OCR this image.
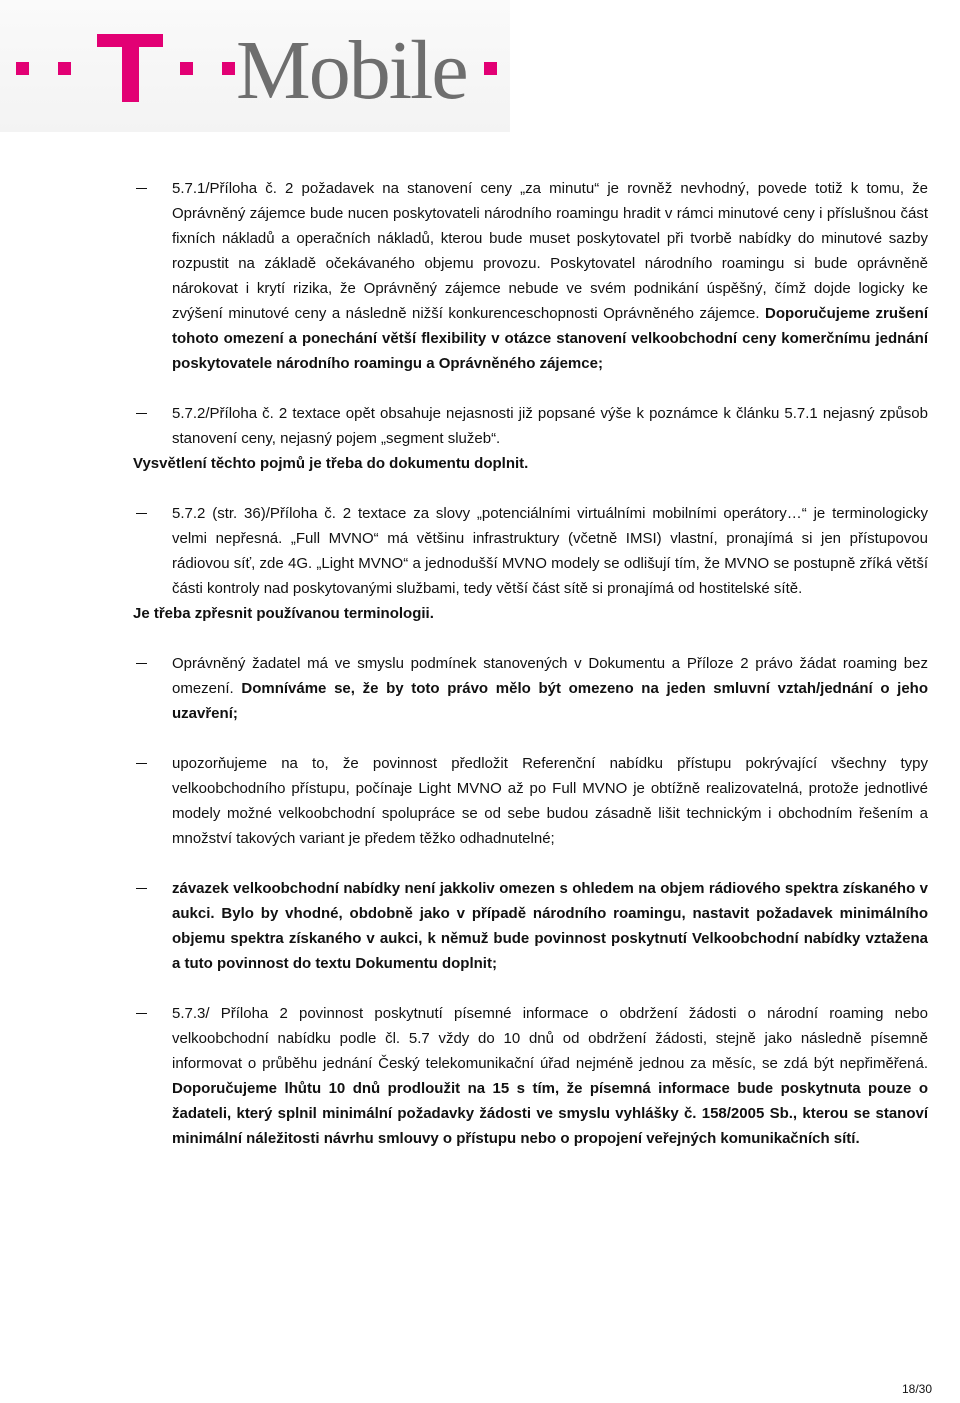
Mobile
5.7.1/Příloha č. 2 požadavek na stanovení ceny „za minutu“ je rovněž nevhodný, povede totiž k tomu, že Oprávněný zájemce bude nucen poskytovateli národního roamingu hradit v rámci minutové ceny i příslušnou část fixních nákladů a operačních nákladů, kterou bude muset poskytovatel při tvorbě nabídky do minutové sazby rozpustit na základě očekávaného objemu provozu. Poskytovatel národního roamingu si bude oprávněně nárokovat i krytí rizika, že Oprávněný zájemce nebude ve svém podnikání úspěšný, čímž dojde logicky ke zvýšení minutové ceny a následně nižší konkurenceschopnosti Oprávněného zájemce. Doporučujeme zrušení tohoto omezení a ponechání větší flexibility v otázce stanovení velkoobchodní ceny komerčnímu jednání poskytovatele národního roamingu a Oprávněného zájemce;
5.7.2/Příloha č. 2 textace opět obsahuje nejasnosti již popsané výše k poznámce k článku 5.7.1 nejasný způsob stanovení ceny, nejasný pojem „segment služeb“.
Vysvětlení těchto pojmů je třeba do dokumentu doplnit.
5.7.2 (str. 36)/Příloha č. 2 textace za slovy „potenciálními virtuálními mobilními operátory…“ je terminologicky velmi nepřesná. „Full MVNO“ má většinu infrastruktury (včetně IMSI) vlastní, pronajímá si jen přístupovou rádiovou síť, zde 4G. „Light MVNO“ a jednodušší MVNO modely se odlišují tím, že MVNO se postupně zříká větší části kontroly nad poskytovanými službami, tedy větší část sítě si pronajímá od hostitelské sítě.
Je třeba zpřesnit používanou terminologii.
Oprávněný žadatel má ve smyslu podmínek stanovených v Dokumentu a Příloze 2 právo žádat roaming bez omezení. Domníváme se, že by toto právo mělo být omezeno na jeden smluvní vztah/jednání o jeho uzavření;
upozorňujeme na to, že povinnost předložit Referenční nabídku přístupu pokrývající všechny typy velkoobchodního přístupu, počínaje Light MVNO až po Full MVNO je obtížně realizovatelná, protože jednotlivé modely možné velkoobchodní spolupráce se od sebe budou zásadně lišit technickým i obchodním řešením a množství takových variant je předem těžko odhadnutelné;
závazek velkoobchodní nabídky není jakkoliv omezen s ohledem na objem rádiového spektra získaného v aukci. Bylo by vhodné, obdobně jako v případě národního roamingu, nastavit požadavek minimálního objemu spektra získaného v aukci, k němuž bude povinnost poskytnutí Velkoobchodní nabídky vztažena a tuto povinnost do textu Dokumentu doplnit;
5.7.3/ Příloha 2 povinnost poskytnutí písemné informace o obdržení žádosti o národní roaming nebo velkoobchodní nabídku podle čl. 5.7 vždy do 10 dnů od obdržení žádosti, stejně jako následně písemně informovat o průběhu jednání Český telekomunikační úřad nejméně jednou za měsíc, se zdá být nepřiměřená. Doporučujeme lhůtu 10 dnů prodloužit na 15 s tím, že písemná informace bude poskytnuta pouze o žadateli, který splnil minimální požadavky žádosti ve smyslu vyhlášky č. 158/2005 Sb., kterou se stanoví minimální náležitosti návrhu smlouvy o přístupu nebo o propojení veřejných komunikačních sítí.
18/30
